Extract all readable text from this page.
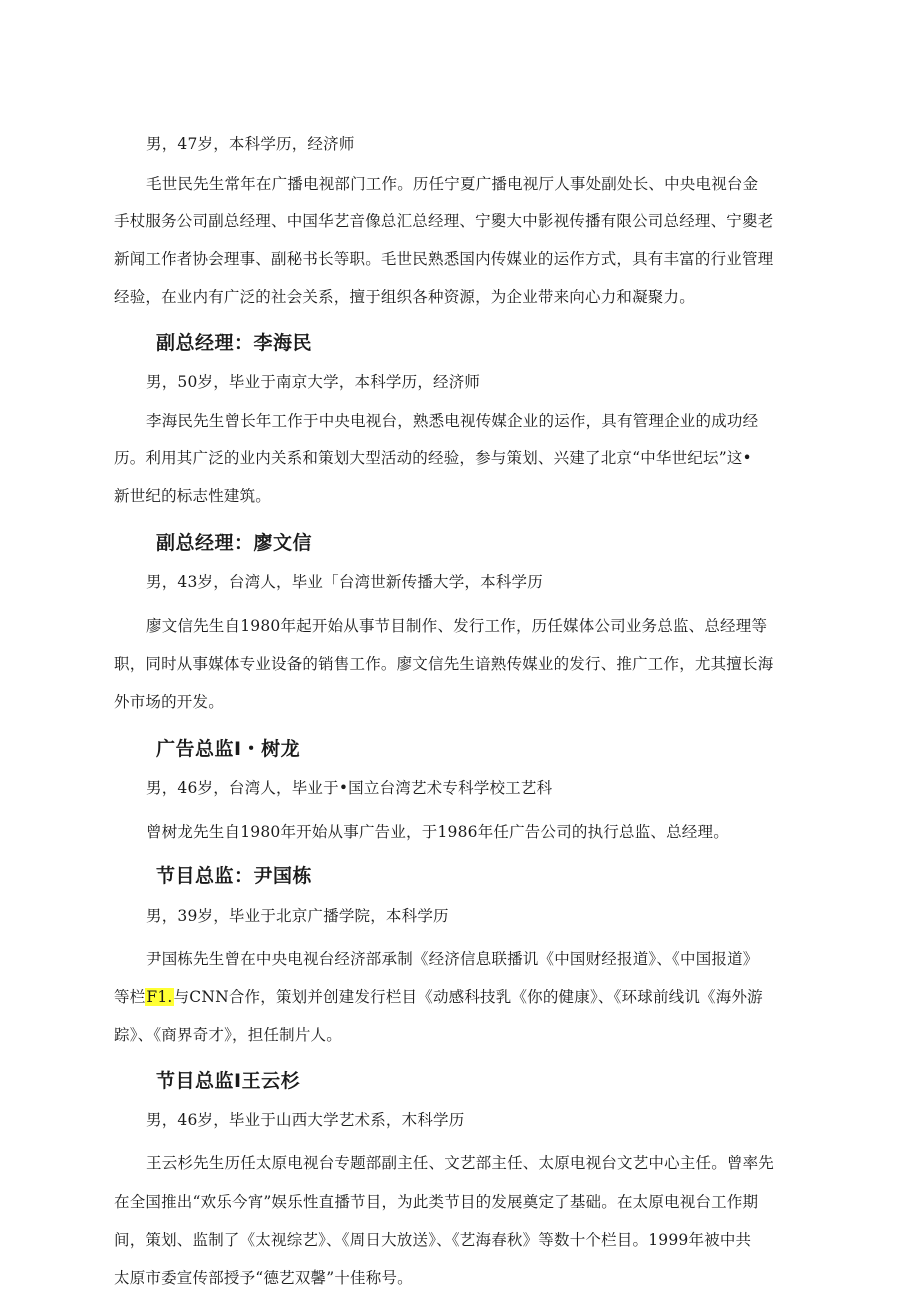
男，47岁，本科学历，经济师
毛世民先生常年在广播电视部门工作。历任宁夏广播电视厅人事处副处长、中央电视台金
手杖服务公司副总经理、中国华艺音像总汇总经理、宁夓大中影视传播有限公司总经理、宁夓老
新闻工作者协会理事、副秘书长等职。毛世民熟悉国内传媒业的运作方式，具有丰富的行业管理
经验，在业内有广泛的社会关系，擅于组织各种资源，为企业带来向心力和凝聚力。
副总经理：李海民
男，50岁，毕业于南京大学，本科学历，经济师
李海民先生曾长年工作于中央电视台，熟悉电视传媒企业的运作，具有管理企业的成功经
历。利用其广泛的业内关系和策划大型活动的经验，参与策划、兴建了北京“中华世纪坛”这•
新世纪的标志性建筑。
副总经理：廖文信
男，43岁，台湾人，毕业「台湾世新传播大学，本科学历
廖文信先生自1980年起开始从事节目制作、发行工作，历任媒体公司业务总监、总经理等
职，同时从事媒体专业设备的销售工作。廖文信先生谙熟传媒业的发行、推广工作，尤其擅长海
外市场的开发。
广告总监I・树龙
男，46岁，台湾人，毕业于•国立台湾艺术专科学校工艺科
曾树龙先生自1980年开始从事广告业，于1986年任广告公司的执行总监、总经理。
节目总监：尹国栋
男，39岁，毕业于北京广播学院，本科学历
尹国栋先生曾在中央电视台经济部承制《经济信息联播讥《中国财经报道》、《中国报道》
等栏F1.与CNN合作，策划并创建发行栏目《动感科技乳《你的健康》、《环球前线讥《海外游
踪》、《商界奇才》，担任制片人。
节目总监I王云杉
男，46岁，毕业于山西大学艺术系，木科学历
王云杉先生历任太原电视台专题部副主任、文艺部主任、太原电视台文艺中心主任。曾率先
在全国推出“欢乐今宵”娱乐性直播节目，为此类节目的发展奠定了基础。在太原电视台工作期
间，策划、监制了《太视综艺》、《周日大放送》、《艺海春秋》等数十个栏目。1999年被中共
太原市委宣传部授予“德艺双馨”十佳称号。
